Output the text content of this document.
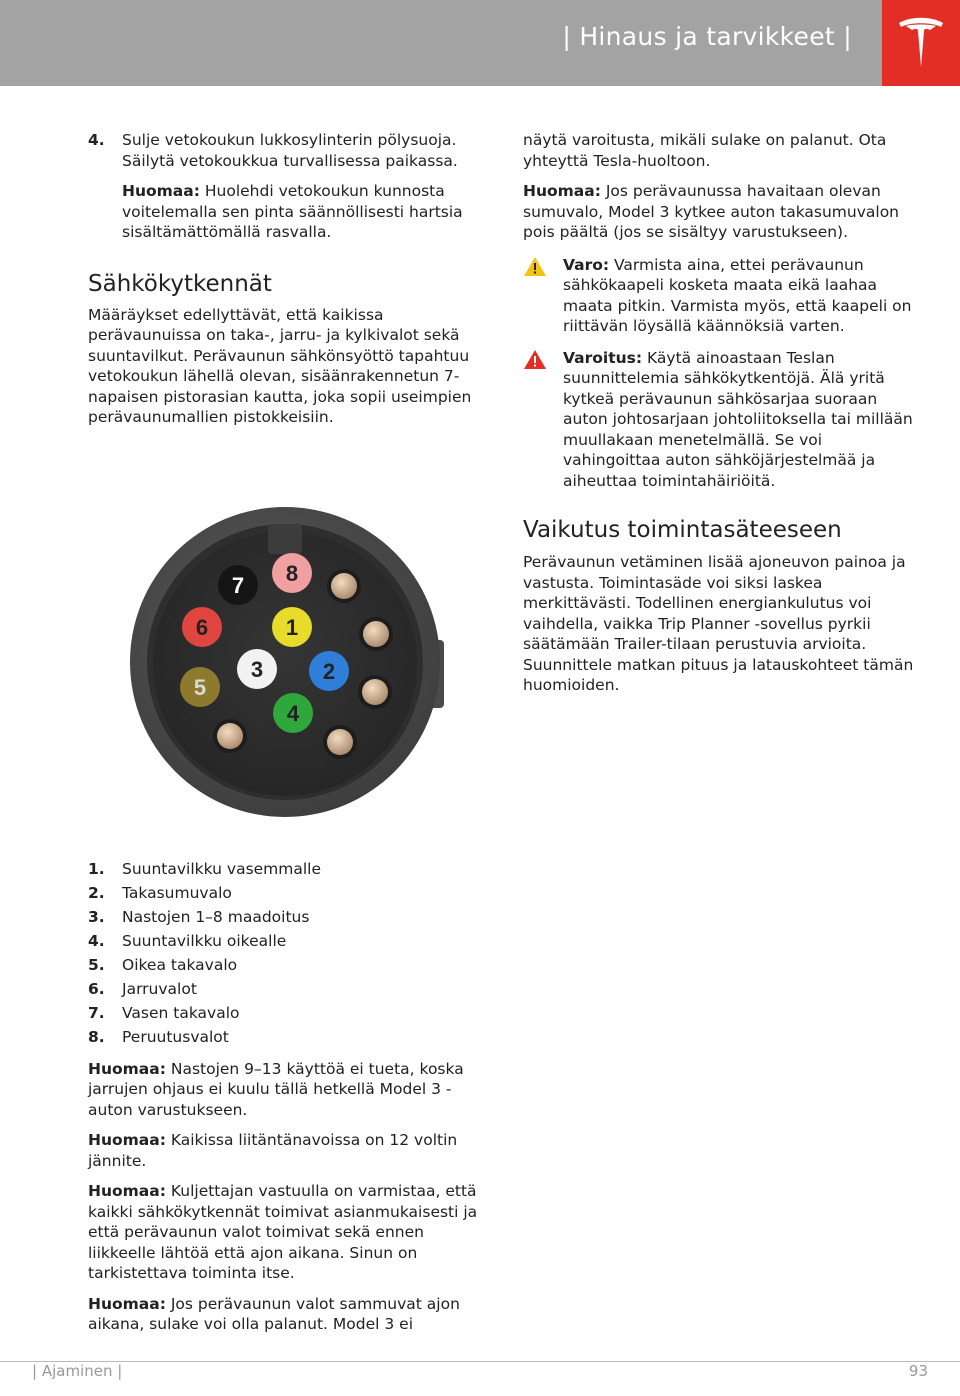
| Hinaus ja tarvikkeet |
4.	Sulje vetokoukun lukkosylinterin pölysuoja. Säilytä vetokoukkua turvallisessa paikassa.

Huomaa: Huolehdi vetokoukun kunnosta voitelemalla sen pinta säännöllisesti hartsia sisältämättömällä rasvalla.

Sähkökytkennät

Määräykset edellyttävät, että kaikissa perävaunuissa on taka-, jarru- ja kylkivalot sekä suuntavilkut. Perävaunun sähkönsyöttö tapahtuu vetokoukun lähellä olevan, sisäänrakennetun 7-napaisen pistorasian kautta, joka sopii useimpien perävaunumallien pistokkeisiin.

1.	Suuntavilkku vasemmalle
2.	Takasumuvalo
3.	Nastojen 1–8 maadoitus
4.	Suuntavilkku oikealle
5.	Oikea takavalo
6.	Jarruvalot
7.	Vasen takavalo
8.	Peruutusvalot

Huomaa: Nastojen 9–13 käyttöä ei tueta, koska jarrujen ohjaus ei kuulu tällä hetkellä Model 3 -auton varustukseen.

Huomaa: Kaikissa liitäntänavoissa on 12 voltin jännite.

Huomaa: Kuljettajan vastuulla on varmistaa, että kaikki sähkökytkennät toimivat asianmukaisesti ja että perävaunun valot toimivat sekä ennen liikkeelle lähtöä että ajon aikana. Sinun on tarkistettava toiminta itse.

Huomaa: Jos perävaunun valot sammuvat ajon aikana, sulake voi olla palanut. Model 3 ei

7 8
6	1
3	2
5
4

näytä varoitusta, mikäli sulake on palanut. Ota yhteyttä Tesla-huoltoon.

Huomaa: Jos perävaunussa havaitaan olevan sumuvalo, Model 3 kytkee auton takasumuvalon pois päältä (jos se sisältyy varustukseen).

Varo: Varmista aina, ettei perävaunun sähkökaapeli kosketa maata eikä laahaa maata pitkin. Varmista myös, että kaapeli on riittävän löysällä käännöksiä varten.

Varoitus: Käytä ainoastaan Teslan suunnittelemia sähkökytkentöjä. Älä yritä kytkeä perävaunun sähkösarjaa suoraan auton johtosarjaan johtoliitoksella tai millään muullakaan menetelmällä. Se voi vahingoittaa auton sähköjärjestelmää ja aiheuttaa toimintahäiriöitä.

Vaikutus toimintasäteeseen

Perävaunun vetäminen lisää ajoneuvon painoa ja vastusta. Toimintasäde voi siksi laskea merkittävästi. Todellinen energiankulutus voi vaihdella, vaikka Trip Planner -sovellus pyrkii säätämään Trailer-tilaan perustuvia arvioita. Suunnittele matkan pituus ja latauskohteet tämän huomioiden.

| Ajaminen |	93
